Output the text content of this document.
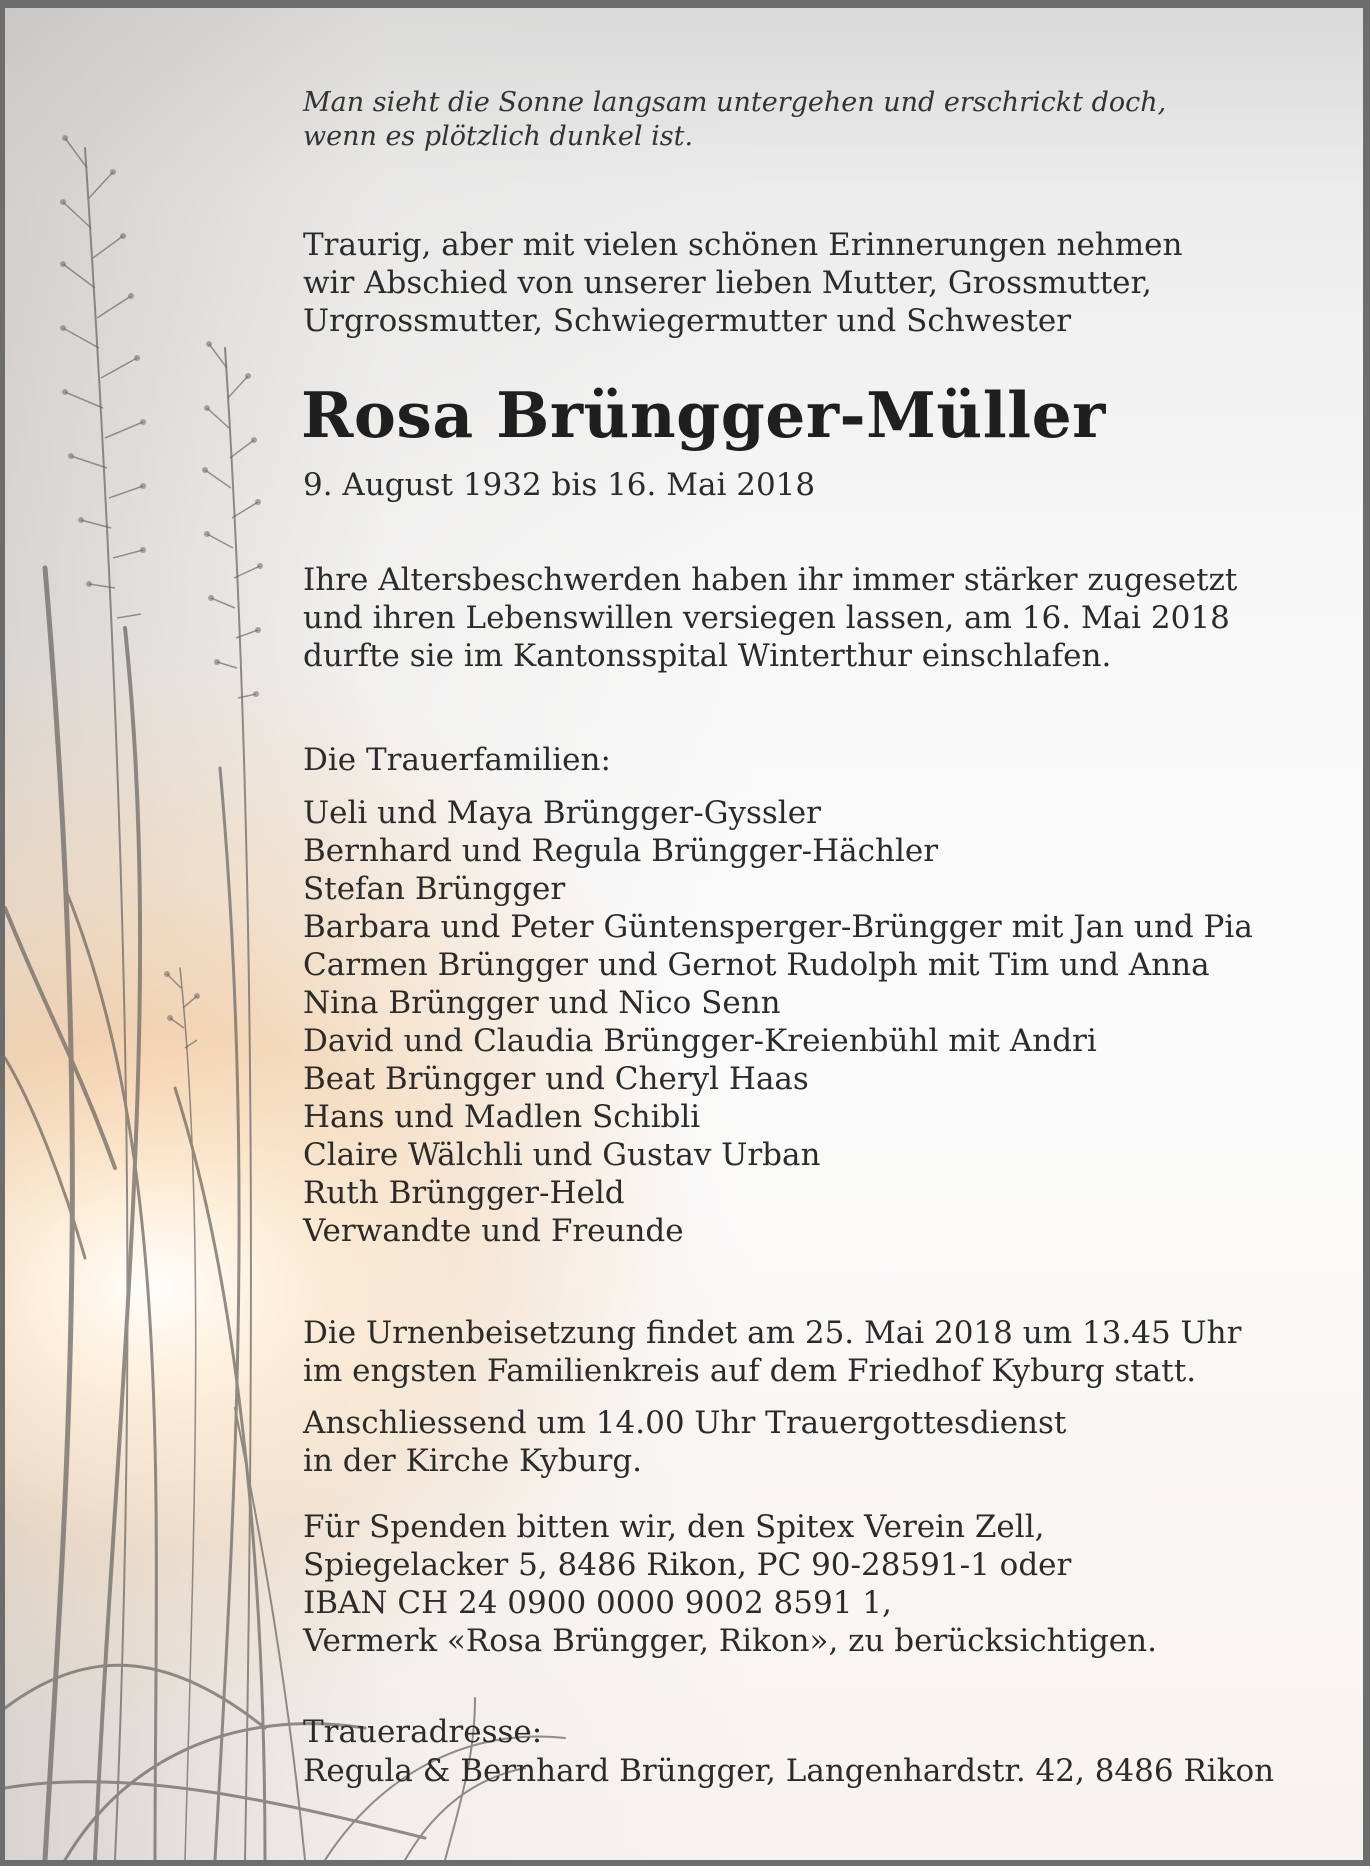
Man sieht die Sonne langsam untergehen und erschrickt doch,
wenn es plötzlich dunkel ist.
Traurig, aber mit vielen schönen Erinnerungen nehmen
wir Abschied von unserer lieben Mutter, Grossmutter,
Urgrossmutter, Schwiegermutter und Schwester
Rosa Brüngger-Müller
9. August 1932 bis 16. Mai 2018
Ihre Altersbeschwerden haben ihr immer stärker zugesetzt
und ihren Lebenswillen versiegen lassen, am 16. Mai 2018
durfte sie im Kantonsspital Winterthur einschlafen.
Die Trauerfamilien:
Ueli und Maya Brüngger-Gyssler
Bernhard und Regula Brüngger-Hächler
Stefan Brüngger
Barbara und Peter Güntensperger-Brüngger mit Jan und Pia
Carmen Brüngger und Gernot Rudolph mit Tim und Anna
Nina Brüngger und Nico Senn
David und Claudia Brüngger-Kreienbühl mit Andri
Beat Brüngger und Cheryl Haas
Hans und Madlen Schibli
Claire Wälchli und Gustav Urban
Ruth Brüngger-Held
Verwandte und Freunde
Die Urnenbeisetzung findet am 25. Mai 2018 um 13.45 Uhr
im engsten Familienkreis auf dem Friedhof Kyburg statt.
Anschliessend um 14.00 Uhr Trauergottesdienst
in der Kirche Kyburg.
Für Spenden bitten wir, den Spitex Verein Zell,
Spiegelacker 5, 8486 Rikon, PC 90-28591-1 oder
IBAN CH 24 0900 0000 9002 8591 1,
Vermerk «Rosa Brüngger, Rikon», zu berücksichtigen.
Traueradresse:
Regula & Bernhard Brüngger, Langenhardstr. 42, 8486 Rikon
